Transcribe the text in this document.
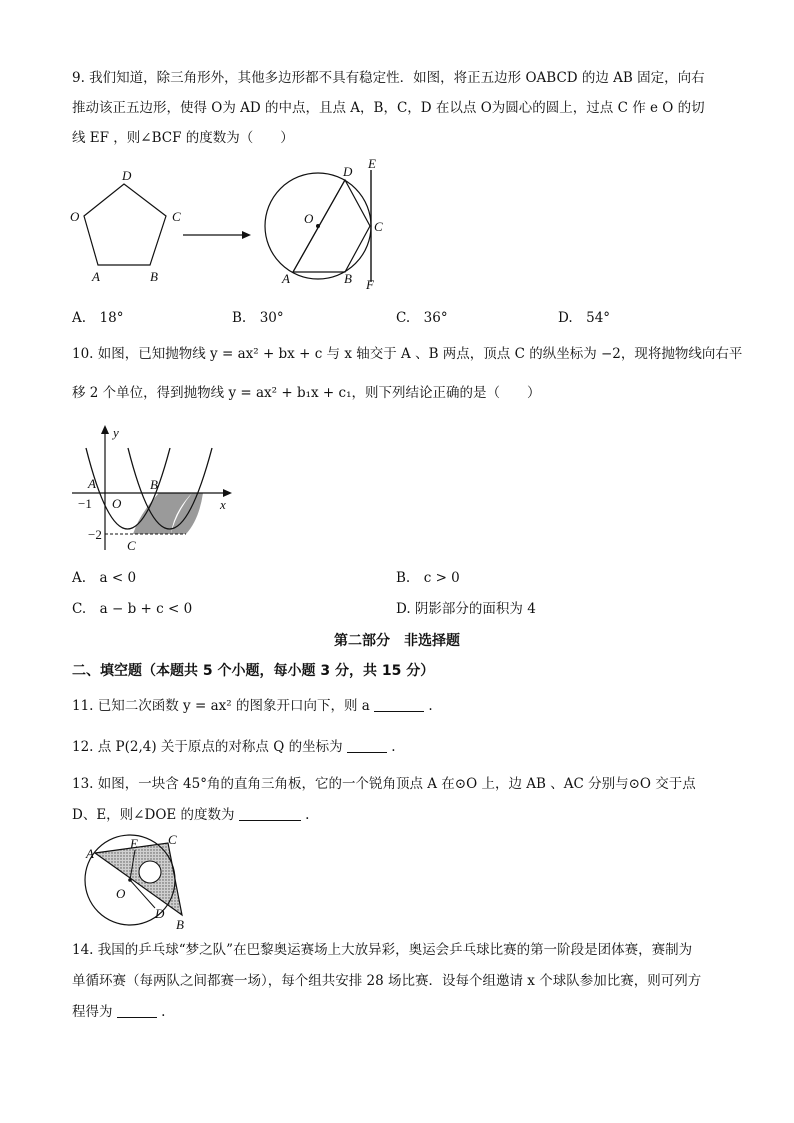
9. 我们知道，除三角形外，其他多边形都不具有稳定性．如图，将正五边形 OABCD 的边 AB 固定，向右
推动该正五边形，使得 O为 AD 的中点，且点 A，B，C，D 在以点 O为圆心的圆上，过点 C 作 e O 的切
线 EF ，则∠BCF 的度数为（　　）
D
O	C
A	B
D
E
O
C
A	B F
A.　18°	B.　30°	C.　36°	D.　54°
10. 如图，已知抛物线 y = ax² + bx + c 与 x 轴交于 A 、B 两点，顶点 C 的纵坐标为 −2，现将抛物线向右平
移 2 个单位，得到抛物线 y = ax² + b₁x + c₁，则下列结论正确的是（　　）
y
x
A	B
O
−1
−2
C
A.　a < 0	B.　c > 0
C.　a − b + c < 0	D. 阴影部分的面积为 4
第二部分　非选择题
二、填空题（本题共 5 个小题，每小题 3 分，共 15 分）
11. 已知二次函数 y = ax² 的图象开口向下，则 a	.
12. 点 P(2,4) 关于原点的对称点 Q 的坐标为	.
13. 如图，一块含 45°角的直角三角板，它的一个锐角顶点 A 在⊙O 上，边 AB 、AC 分别与⊙O 交于点
D、E，则∠DOE 的度数为	.
A
E C
O
D
B
14. 我国的乒乓球“梦之队”在巴黎奥运赛场上大放异彩，奥运会乒乓球比赛的第一阶段是团体赛，赛制为
单循环赛（每两队之间都赛一场），每个组共安排 28 场比赛．设每个组邀请 x 个球队参加比赛，则可列方
程得为	.
